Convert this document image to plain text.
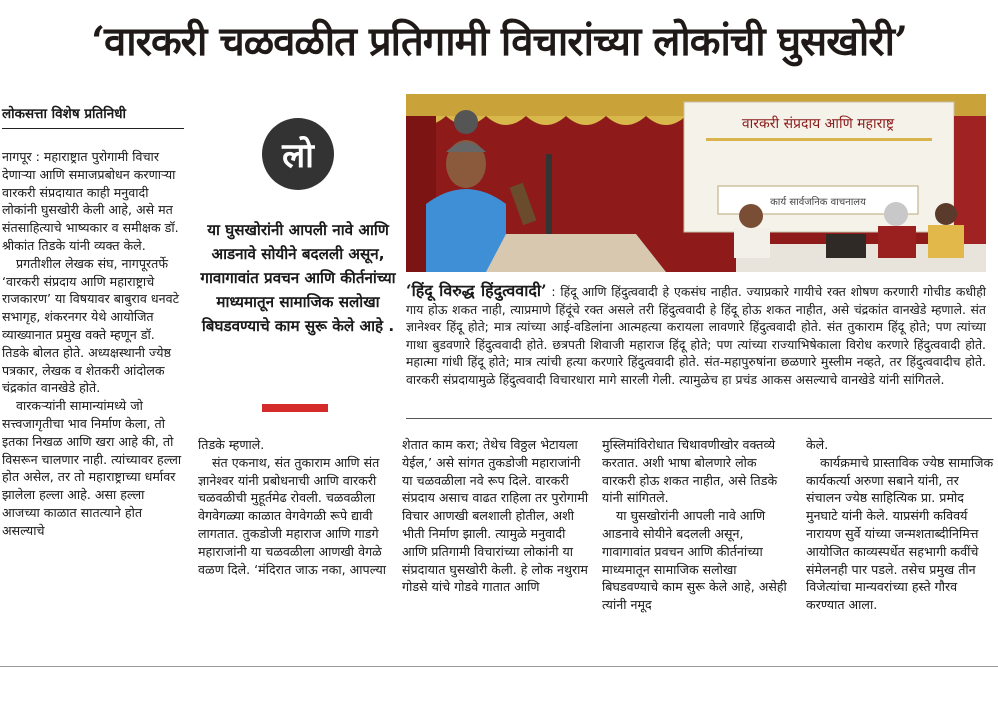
‘वारकरी चळवळीत प्रतिगामी विचारांच्या लोकांची घुसखोरी’
लोकसत्ता विशेष प्रतिनिधी

नागपूर : महाराष्ट्रात पुरोगामी विचार देणाऱ्या आणि समाजप्रबोधन करणाऱ्या वारकरी संप्रदायात काही मनुवादी लोकांनी घुसखोरी केली आहे, असे मत संतसाहित्याचे भाष्यकार व समीक्षक डॉ. श्रीकांत तिडके यांनी व्यक्त केले.

प्रगतीशील लेखक संघ, नागपूरतर्फे ‘वारकरी संप्रदाय आणि महाराष्ट्राचे राजकारण’ या विषयावर बाबुराव धनवटे सभागृह, शंकरनगर येथे आयोजित व्याख्यानात प्रमुख वक्ते म्हणून डॉ. तिडके बोलत होते. अध्यक्षस्थानी ज्येष्ठ पत्रकार, लेखक व शेतकरी आंदोलक चंद्रकांत वानखेडे होते.

वारकऱ्यांनी सामान्यांमध्ये जो सत्त्वजागृतीचा भाव निर्माण केला, तो इतका निखळ आणि खरा आहे की, तो विसरून चालणार नाही. त्यांच्यावर हल्ला होत असेल, तर तो महाराष्ट्राच्या धर्मावर झालेला हल्ला आहे. असा हल्ला आजच्या काळात सातत्याने होत असल्याचे

लो
या घुसखोरांनी आपली नावे आणि आडनावे सोयीने बदलली असून, गावागावांत प्रवचन आणि कीर्तनांच्या माध्यमातून सामाजिक सलोखा बिघडवण्याचे काम सुरू केले आहे .
वारकरी संप्रदाय आणि महाराष्ट्र
कार्य सार्वजनिक वाचनालय
‘हिंदू विरुद्ध हिंदुत्ववादी’ : हिंदू आणि हिंदुत्ववादी हे एकसंघ नाहीत. ज्याप्रकारे गायीचे रक्त शोषण करणारी गोचीड कधीही गाय होऊ शकत नाही, त्याप्रमाणे हिंदूंचे रक्त असले तरी हिंदुत्ववादी हे हिंदू होऊ शकत नाहीत, असे चंद्रकांत वानखेडे म्हणाले. संत ज्ञानेश्वर हिंदू होते; मात्र त्यांच्या आई-वडिलांना आत्महत्या करायला लावणारे हिंदुत्ववादी होते. संत तुकाराम हिंदू होते; पण त्यांच्या गाथा बुडवणारे हिंदुत्ववादी होते. छत्रपती शिवाजी महाराज हिंदू होते; पण त्यांच्या राज्याभिषेकाला विरोध करणारे हिंदुत्ववादी होते. महात्मा गांधी हिंदू होते; मात्र त्यांची हत्या करणारे हिंदुत्ववादी होते. संत-महापुरुषांना छळणारे मुस्लीम नव्हते, तर हिंदुत्ववादीच होते. वारकरी संप्रदायामुळे हिंदुत्ववादी विचारधारा मागे सारली गेली. त्यामुळेच हा प्रचंड आकस असल्याचे वानखेडे यांनी सांगितले.

तिडके म्हणाले.

संत एकनाथ, संत तुकाराम आणि संत ज्ञानेश्वर यांनी प्रबोधनाची आणि वारकरी चळवळीची मुहूर्तमेढ रोवली. चळवळीला वेगवेगळ्या काळात वेगवेगळी रूपे द्यावी लागतात. तुकडोजी महाराज आणि गाडगे महाराजांनी या चळवळीला आणखी वेगळे वळण दिले. ‘मंदिरात जाऊ नका, आपल्या

शेतात काम करा; तेथेच विठ्ठल भेटायला येईल,’ असे सांगत तुकडोजी महाराजांनी या चळवळीला नवे रूप दिले. वारकरी संप्रदाय असाच वाढत राहिला तर पुरोगामी विचार आणखी बलशाली होतील, अशी भीती निर्माण झाली. त्यामुळे मनुवादी आणि प्रतिगामी विचारांच्या लोकांनी या संप्रदायात घुसखोरी केली. हे लोक नथुराम गोडसे यांचे गोडवे गातात आणि

मुस्लिमांविरोधात चिथावणीखोर वक्तव्ये करतात. अशी भाषा बोलणारे लोक वारकरी होऊ शकत नाहीत, असे तिडके यांनी सांगितले.

या घुसखोरांनी आपली नावे आणि आडनावे सोयीने बदलली असून, गावागावांत प्रवचन आणि कीर्तनांच्या माध्यमातून सामाजिक सलोखा बिघडवण्याचे काम सुरू केले आहे, असेही त्यांनी नमूद

केले.

कार्यक्रमाचे प्रास्ताविक ज्येष्ठ सामाजिक कार्यकर्त्या अरुणा सबाने यांनी, तर संचालन ज्येष्ठ साहित्यिक प्रा. प्रमोद मुनघाटे यांनी केले. याप्रसंगी कविवर्य नारायण सुर्वे यांच्या जन्मशताब्दीनिमित्त आयोजित काव्यस्पर्धेत सहभागी कवींचे संमेलनही पार पडले. तसेच प्रमुख तीन विजेत्यांचा मान्यवरांच्या हस्ते गौरव करण्यात आला.
